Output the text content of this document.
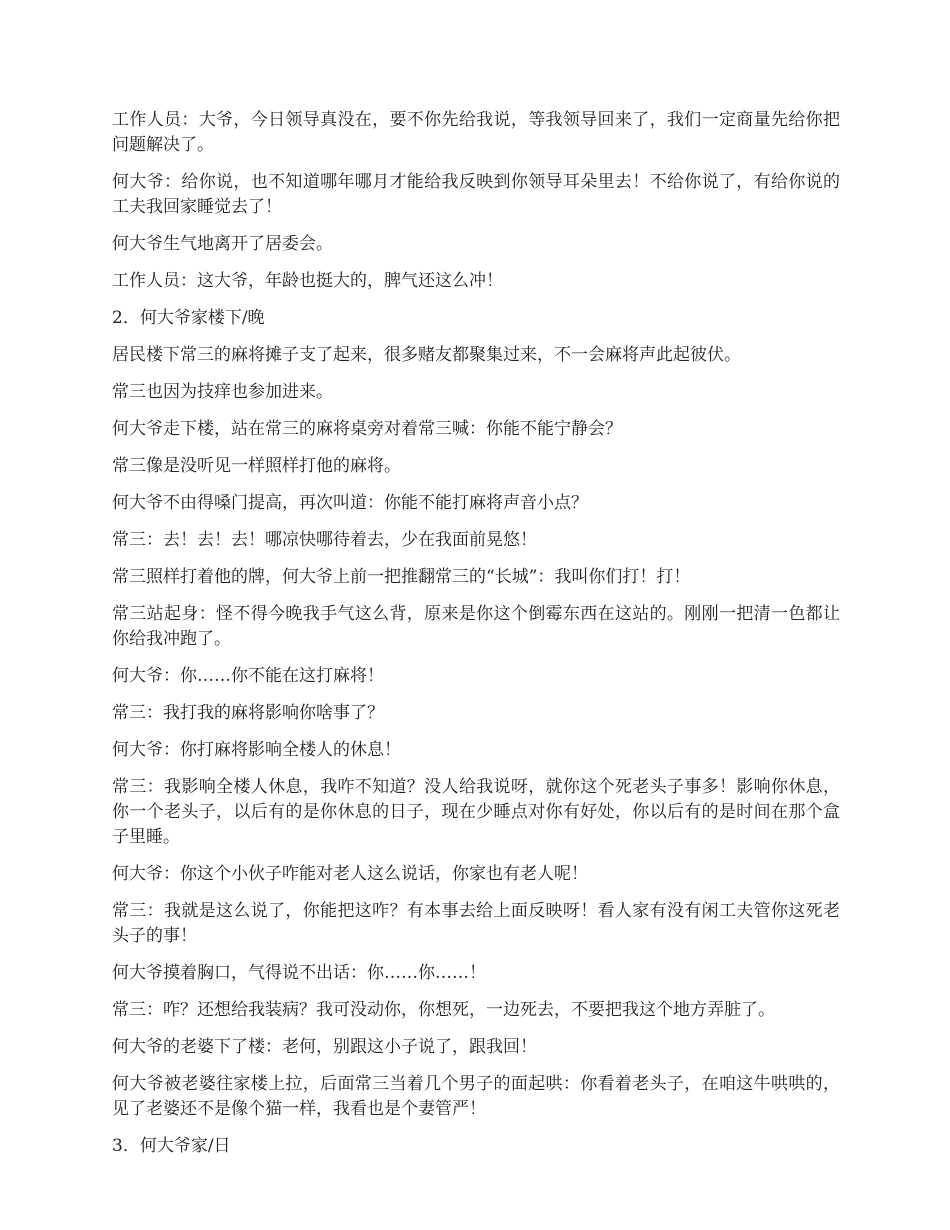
工作人员：大爷，今日领导真没在，要不你先给我说，等我领导回来了，我们一定商量先给你把问题解决了。

何大爷：给你说，也不知道哪年哪月才能给我反映到你领导耳朵里去！不给你说了，有给你说的工夫我回家睡觉去了！

何大爷生气地离开了居委会。

工作人员：这大爷，年龄也挺大的，脾气还这么冲！

2．何大爷家楼下/晚

居民楼下常三的麻将摊子支了起来，很多赌友都聚集过来，不一会麻将声此起彼伏。

常三也因为技痒也参加进来。

何大爷走下楼，站在常三的麻将桌旁对着常三喊：你能不能宁静会？

常三像是没听见一样照样打他的麻将。

何大爷不由得嗓门提高，再次叫道：你能不能打麻将声音小点？

常三：去！去！去！哪凉快哪待着去，少在我面前晃悠！

常三照样打着他的牌，何大爷上前一把推翻常三的“长城”：我叫你们打！打！

常三站起身：怪不得今晚我手气这么背，原来是你这个倒霉东西在这站的。刚刚一把清一色都让你给我冲跑了。

何大爷：你……你不能在这打麻将！

常三：我打我的麻将影响你啥事了？

何大爷：你打麻将影响全楼人的休息！

常三：我影响全楼人休息，我咋不知道？没人给我说呀，就你这个死老头子事多！影响你休息，你一个老头子，以后有的是你休息的日子，现在少睡点对你有好处，你以后有的是时间在那个盒子里睡。

何大爷：你这个小伙子咋能对老人这么说话，你家也有老人呢！

常三：我就是这么说了，你能把这咋？有本事去给上面反映呀！看人家有没有闲工夫管你这死老头子的事！

何大爷摸着胸口，气得说不出话：你……你……！

常三：咋？还想给我装病？我可没动你，你想死，一边死去，不要把我这个地方弄脏了。

何大爷的老婆下了楼：老何，别跟这小子说了，跟我回！

何大爷被老婆往家楼上拉，后面常三当着几个男子的面起哄：你看着老头子，在咱这牛哄哄的，见了老婆还不是像个猫一样，我看也是个妻管严！

3．何大爷家/日
